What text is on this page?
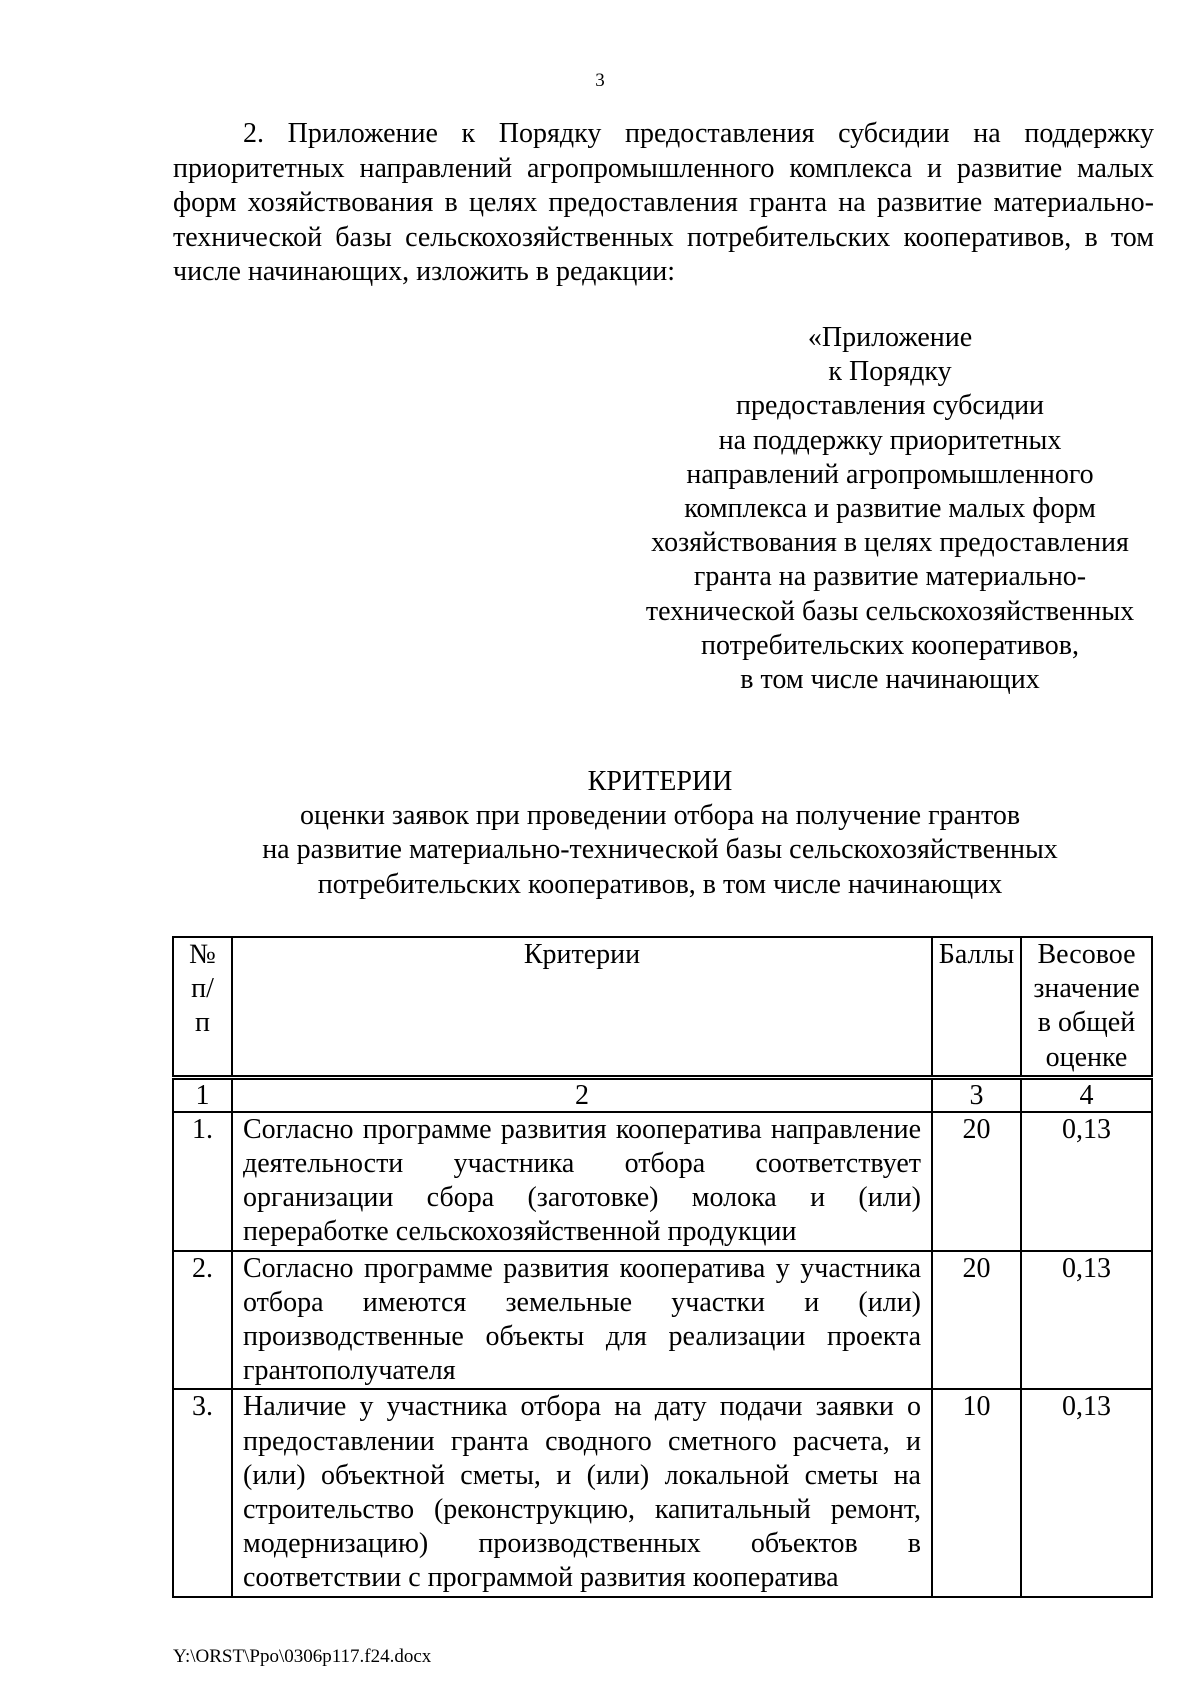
3

2. Приложение к Порядку предоставления субсидии на поддержку приоритетных направлений агропромышленного комплекса и развитие малых форм хозяйствования в целях предоставления гранта на развитие материально-технической базы сельскохозяйственных потребительских кооперативов, в том числе начинающих, изложить в редакции:

«Приложение
к Порядку
предоставления субсидии
на поддержку приоритетных
направлений агропромышленного
комплекса и развитие малых форм
хозяйствования в целях предоставления
гранта на развитие материально-
технической базы сельскохозяйственных
потребительских кооперативов,
в том числе начинающих
КРИТЕРИИ
оценки заявок при проведении отбора на получение грантов
на развитие материально-технической базы сельскохозяйственных
потребительских кооперативов, в том числе начинающих
№ п/п	Критерии	Баллы	Весовое значение в общей оценке
1	2	3	4
1.	Согласно программе развития кооператива направление деятельности участника отбора соответствует организации сбора (заготовке) молока и (или) переработке сельскохозяйственной продукции	20	0,13
2.	Согласно программе развития кооператива у участника отбора имеются земельные участки и (или) производственные объекты для реализации проекта грантополучателя	20	0,13
3.	Наличие у участника отбора на дату подачи заявки о предоставлении гранта сводного сметного расчета, и (или) объектной сметы, и (или) локальной сметы на строительство (реконструкцию, капитальный ремонт, модернизацию) производственных объектов в соответствии с программой развития кооператива	10	0,13
Y:\ORST\Ppo\0306p117.f24.docx
